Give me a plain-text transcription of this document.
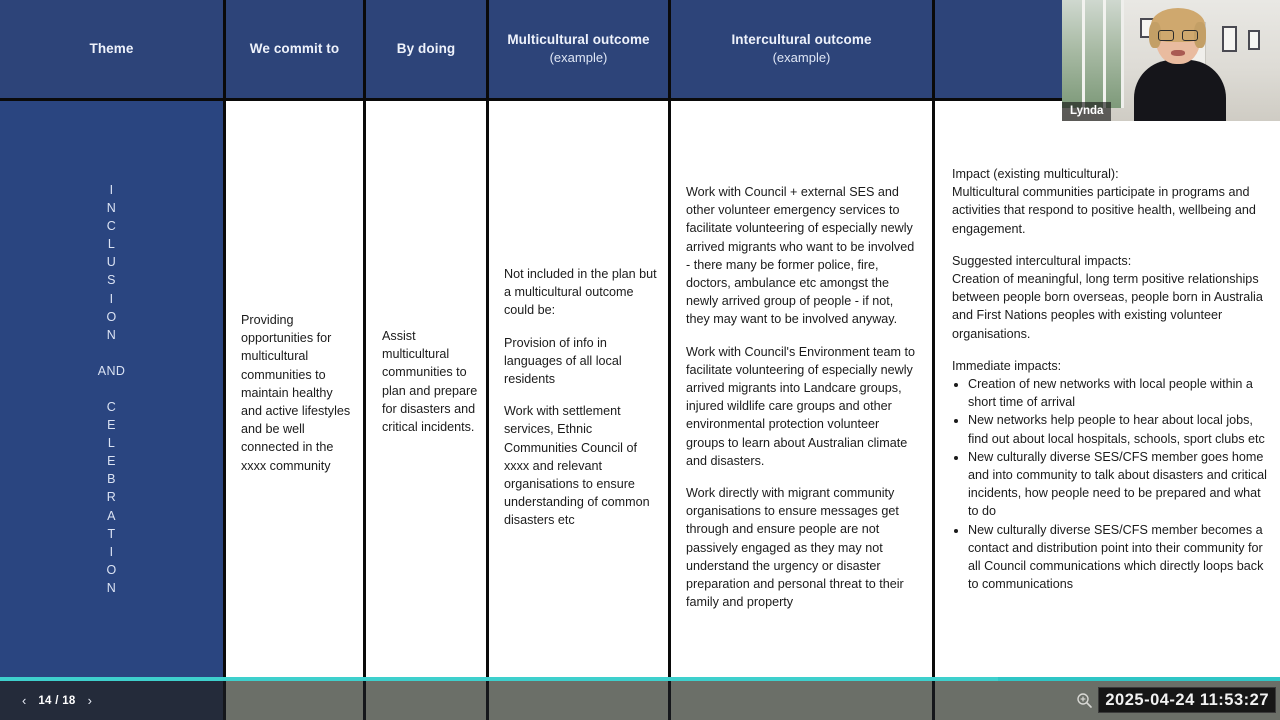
Theme
I
N
C
L
U
S
I
O
N
AND
C
E
L
E
B
R
A
T
I
O
N
We commit to
Providing opportunities for multicultural communities to maintain healthy and active lifestyles and be well connected in the xxxx community
By doing
Assist multicultural communities to plan and prepare for disasters and critical incidents.
Multicultural outcome
(example)

Not included in the plan but a multicultural outcome could be:

Provision of info in languages of all local residents

Work with settlement services, Ethnic Communities Council of xxxx and relevant organisations to ensure understanding of common disasters etc

Intercultural outcome
(example)

Work with Council + external SES and other volunteer emergency services to facilitate volunteering of especially newly arrived migrants who want to be involved - there many be former police, fire, doctors, ambulance etc amongst the newly arrived group of people - if not, they may want to be involved anyway.

Work with Council's Environment team to facilitate volunteering of especially newly arrived migrants into Landcare groups, injured wildlife care groups and other environmental protection volunteer groups to learn about Australian climate and disasters.

Work directly with migrant community organisations to ensure messages get through and ensure people are not passively engaged as they may not understand the urgency or disaster preparation and personal threat to their family and property

Impact (existing multicultural):
Multicultural communities participate in programs and activities that respond to positive health, wellbeing and engagement.

Suggested intercultural impacts:
Creation of meaningful, long term positive relationships between people born overseas, people born in Australia and First Nations peoples with existing volunteer organisations.

Immediate impacts:
• Creation of new networks with local people within a short time of arrival
• New networks help people to hear about local jobs, find out about local hospitals, schools, sport clubs etc
• New culturally diverse SES/CFS member goes home and into community to talk about disasters and critical incidents, how people need to be prepared and what to do
• New culturally diverse SES/CFS member becomes a contact and distribution point into their community for all Council communications which directly loops back to communications
‹ 14 / 18 ›	2025-04-24 11:53:27
Lynda
